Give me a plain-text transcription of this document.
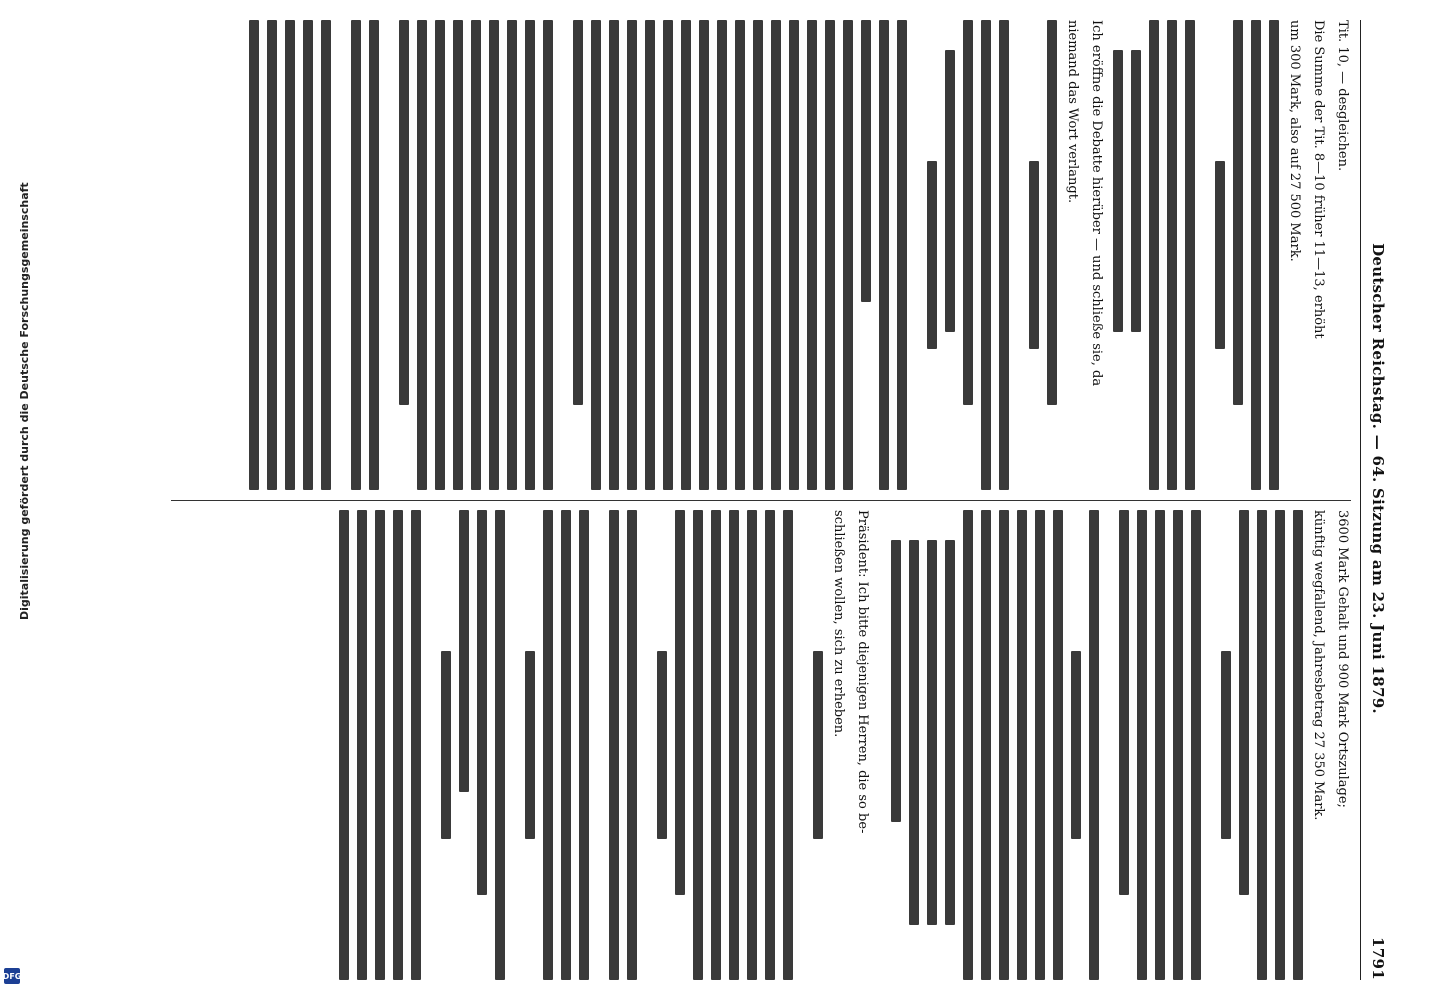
Digitalisierung gefördert durch die Deutsche Forschungsgemeinschaft
DFG
Deutscher Reichstag. — 64. Sitzung am 23. Juni 1879.
1791

Tit. 10, — desgleichen.

Die Summe der Tit. 8—10 früher 11—13, erhöht

um 300 Mark, also auf 27 500 Mark.

Ich eröffne die Debatte hierüber — und schließe sie, da

niemand das Wort verlangt.

3600 Mark Gehalt und 900 Mark Ortszulage;

künftig wegfallend, Jahresbetrag 27 350 Mark.

Präsident: Ich bitte diejenigen Herren, die so be-

schließen wollen, sich zu erheben.
